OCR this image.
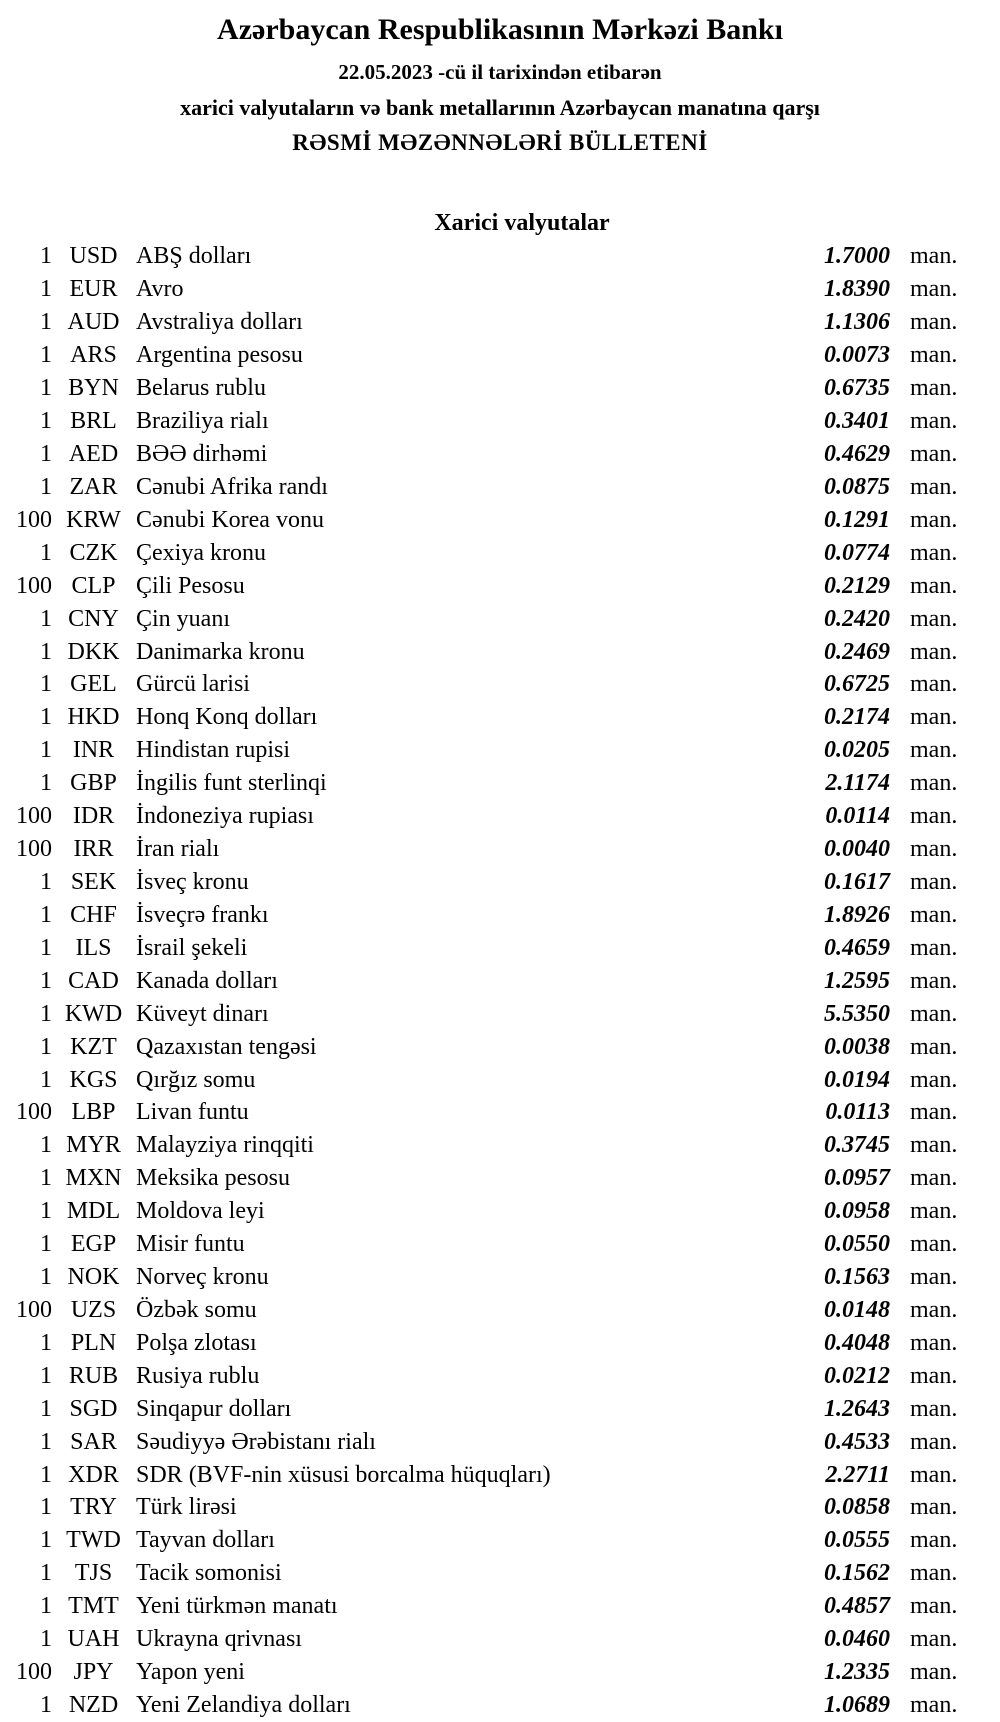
Azərbaycan Respublikasının Mərkəzi Bankı
22.05.2023 -cü il tarixindən etibarən
xarici valyutaların və bank metallarının Azərbaycan manatına qarşı
RƏSMİ MƏZƏNNƏLƏRİ BÜLLETENİ
Xarici valyutalar
1 USD ABŞ dolları	1.7000 man.
1 EUR Avro	1.8390 man.
1 AUD Avstraliya dolları	1.1306 man.
1 ARS Argentina pesosu	0.0073 man.
1 BYN Belarus rublu	0.6735 man.
1 BRL Braziliya rialı	0.3401 man.
1 AED BƏƏ dirhəmi	0.4629 man.
1 ZAR Cənubi Afrika randı	0.0875 man.
100 KRW Cənubi Korea vonu	0.1291 man.
1 CZK Çexiya kronu	0.0774 man.
100 CLP Çili Pesosu	0.2129 man.
1 CNY Çin yuanı	0.2420 man.
1 DKK Danimarka kronu	0.2469 man.
1 GEL Gürcü larisi	0.6725 man.
1 HKD Honq Konq dolları	0.2174 man.
1 INR Hindistan rupisi	0.0205 man.
1 GBP İngilis funt sterlinqi	2.1174 man.
100 IDR İndoneziya rupiası	0.0114 man.
100 IRR İran rialı	0.0040 man.
1 SEK İsveç kronu	0.1617 man.
1 CHF İsveçrə frankı	1.8926 man.
1 ILS	İsrail şekeli	0.4659 man.
1 CAD Kanada dolları	1.2595 man.
1 KWD Küveyt dinarı	5.5350 man.
1 KZT Qazaxıstan tengəsi	0.0038 man.
1 KGS Qırğız somu	0.0194 man.
100 LBP Livan funtu	0.0113 man.
1 MYR Malayziya rinqqiti	0.3745 man.
1 MXN Meksika pesosu	0.0957 man.
1 MDL Moldova leyi	0.0958 man.
1 EGP Misir funtu	0.0550 man.
1 NOK Norveç kronu	0.1563 man.
100 UZS Özbək somu	0.0148 man.
1 PLN Polşa zlotası	0.4048 man.
1 RUB Rusiya rublu	0.0212 man.
1 SGD Sinqapur dolları	1.2643 man.
1 SAR Səudiyyə Ərəbistanı rialı	0.4533 man.
1 XDR SDR (BVF-nin xüsusi borcalma hüquqları)	2.2711 man.
1 TRY Türk lirəsi	0.0858 man.
1 TWD Tayvan dolları	0.0555 man.
1 TJS Tacik somonisi	0.1562 man.
1 TMT Yeni türkmən manatı	0.4857 man.
1 UAH Ukrayna qrivnası	0.0460 man.
100 JPY Yapon yeni	1.2335 man.
1 NZD Yeni Zelandiya dolları	1.0689 man.
